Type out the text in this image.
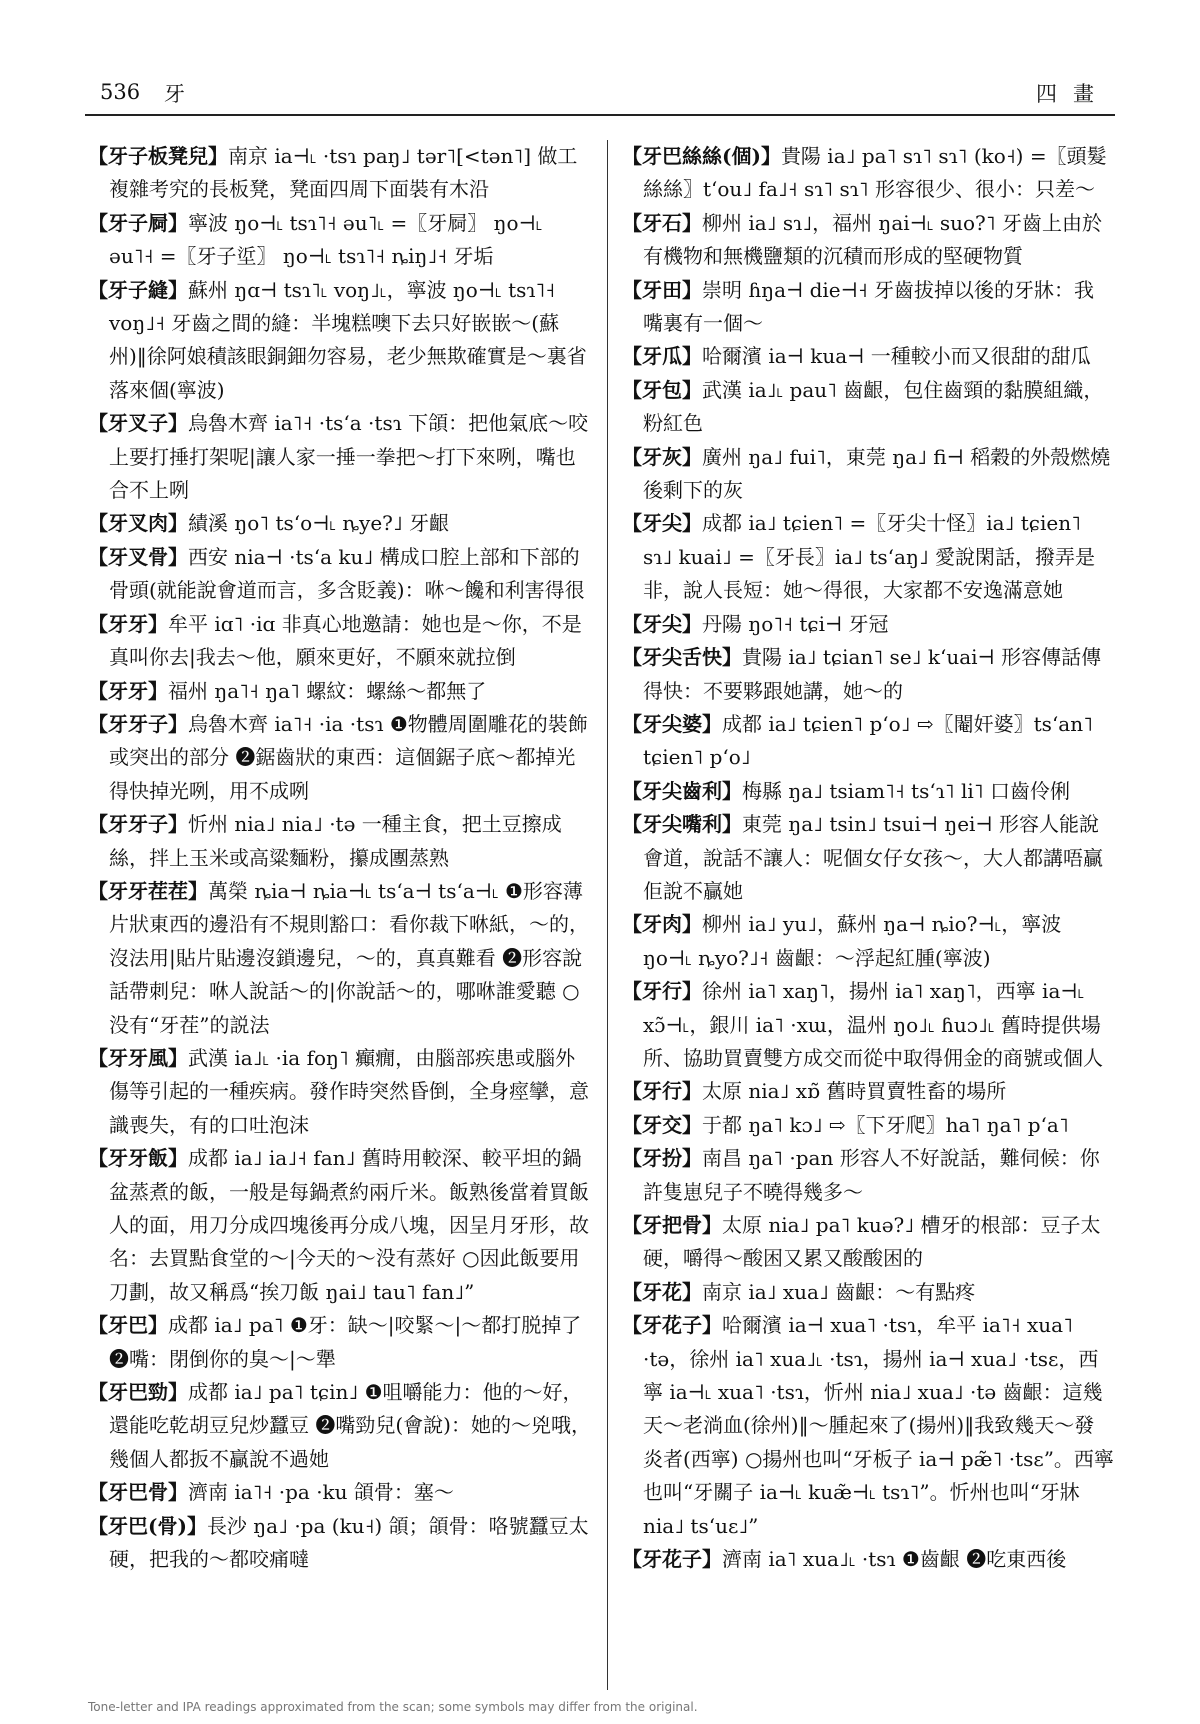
536 牙	四畫

【 牙子板凳兒 】 南京 ia⊣˪ ·tsɿ paŋ˩ tər˥[<tən˥] 做工複雜考究的長板凳，凳面四周下面裝有木沿

【 牙子屙 】 寧波 ŋo⊣˪ tsɿ˥˧ əu˥˪ =〖牙屙〗 ŋo⊣˪ əu˥˧ =〖牙子垽〗 ŋo⊣˪ tsɿ˥˧ ȵiŋ˩˧ 牙垢

【 牙子縫 】 蘇州 ŋɑ⊣ tsɿ˥˪ voŋ˩˪，寧波 ŋo⊣˪ tsɿ˥˧ voŋ˩˧ 牙齒之間的縫：半塊糕噢下去只好嵌嵌～(蘇州)‖徐阿娘積該眼銅鈿勿容易，老少無欺確實是～裏省落來個(寧波)

【 牙叉子 】 烏魯木齊 ia˥˧ ·tsʻa ·tsɿ 下頜：把他氣底～咬上要打捶打架呢|讓人家一捶一拳把～打下來咧，嘴也合不上咧

【 牙叉肉 】 績溪 ŋo˥ tsʻo⊣˪ ȵye?˩ 牙齦

【 牙叉骨 】 西安 nia⊣ ·tsʻa ku˩ 構成口腔上部和下部的骨頭(就能說會道而言，多含貶義)：咻～饞和利害得很

【 牙牙 】 牟平 iɑ˥ ·iɑ 非真心地邀請：她也是～你，不是真叫你去|我去～他，願來更好，不願來就拉倒

【 牙牙 】 福州 ŋa˥˧ ŋa˥ 螺紋：螺絲～都無了

【 牙牙子 】 烏魯木齊 ia˥˧ ·ia ·tsɿ ❶物體周圍雕花的裝飾或突出的部分 ❷鋸齒狀的東西：這個鋸子底～都掉光得快掉光咧，用不成咧

【 牙牙子 】 忻州 nia˩ nia˩ ·tə 一種主食，把土豆擦成絲，拌上玉米或高粱麵粉，攥成團蒸熟

【 牙牙茬茬 】 萬榮 ȵia⊣ ȵia⊣˪ tsʻa⊣ tsʻa⊣˪ ❶形容薄片狀東西的邊沿有不規則豁口：看你裁下咻紙，～的，沒法用|貼片貼邊沒鎖邊兒，～的，真真難看 ❷形容說話帶刺兒：咻人說話～的|你說話～的，哪咻誰愛聽 ○没有“牙茬”的説法

【 牙牙風 】 武漢 ia˩˪ ·ia foŋ˥ 癲癇，由腦部疾患或腦外傷等引起的一種疾病。發作時突然昏倒，全身痙攣，意識喪失，有的口吐泡沫

【 牙牙飯 】 成都 ia˩ ia˩˧ fan˩ 舊時用較深、較平坦的鍋盆蒸煮的飯，一般是每鍋煮約兩斤米。飯熟後當着買飯人的面，用刀分成四塊後再分成八塊，因呈月牙形，故名：去買點食堂的～|今天的～没有蒸好 ○因此飯要用刀劃，故又稱爲“挨刀飯 ŋai˩ tau˥ fan˩”

【 牙巴 】 成都 ia˩ pa˥ ❶牙：缺～|咬緊～|～都打脱掉了 ❷嘴：閉倒你的臭～|～犟

【 牙巴勁 】 成都 ia˩ pa˥ tɕin˩ ❶咀嚼能力：他的～好，還能吃乾胡豆兒炒蠶豆 ❷嘴勁兒(會說)：她的～兇哦，幾個人都扳不贏說不過她

【 牙巴骨 】 濟南 ia˥˧ ·pa ·ku 頜骨：塞～

【 牙巴(骨) 】 長沙 ŋa˩ ·pa (ku˧) 頜；頜骨：咯號蠶豆太硬，把我的～都咬痛噠

【 牙巴絲絲(個) 】 貴陽 ia˩ pa˥ sɿ˥ sɿ˥ (ko˧) =〖頭髮絲絲〗tʻou˩ fa˩˧ sɿ˥ sɿ˥ 形容很少、很小：只差～

【 牙石 】 柳州 ia˩ sɿ˩，福州 ŋai⊣˪ suo?˥ 牙齒上由於有機物和無機鹽類的沉積而形成的堅硬物質

【 牙田 】 崇明 ɦŋa⊣ die⊣˧ 牙齒拔掉以後的牙牀：我嘴裏有一個～

【 牙瓜 】 哈爾濱 ia⊣ kua⊣ 一種較小而又很甜的甜瓜

【 牙包 】 武漢 ia˩˪ pau˥ 齒齦，包住齒頸的黏膜組織，粉紅色

【 牙灰 】 廣州 ŋa˩ fui˥，東莞 ŋa˩ fi⊣ 稻穀的外殼燃燒後剩下的灰

【 牙尖 】 成都 ia˩ tɕien˥ =〖牙尖十怪〗ia˩ tɕien˥ sɿ˩ kuai˩ =〖牙長〗ia˩ tsʻaŋ˩ 愛說閑話，撥弄是非，說人長短：她～得很，大家都不安逸滿意她

【 牙尖 】 丹陽 ŋo˥˧ tɕi⊣ 牙冠

【 牙尖舌快 】 貴陽 ia˩ tɕian˥ se˩ kʻuai⊣ 形容傳話傳得快：不要夥跟她講，她～的

【 牙尖婆 】 成都 ia˩ tɕien˥ pʻo˩ ⇨〖閹奸婆〗tsʻan˥ tɕien˥ pʻo˩

【 牙尖齒利 】 梅縣 ŋa˩ tsiam˥˧ tsʻɿ˥ li˥ 口齒伶俐

【 牙尖嘴利 】 東莞 ŋa˩ tsin˩ tsui⊣ ŋei⊣ 形容人能說會道，說話不讓人：呢個女仔女孩～，大人都講唔贏佢說不贏她

【 牙肉 】 柳州 ia˩ yu˩，蘇州 ŋa⊣ ȵio?⊣˪，寧波 ŋo⊣˪ ȵyo?˩˧ 齒齦：～浮起紅腫(寧波)

【 牙行 】 徐州 ia˥ xaŋ˥，揚州 ia˥ xaŋ˥，西寧 ia⊣˪ xɔ̃⊣˪，銀川 ia˥ ·xɯ，温州 ŋo˩˪ ɦuɔ˩˪ 舊時提供場所、協助買賣雙方成交而從中取得佣金的商號或個人

【 牙行 】 太原 nia˩ xɒ̃ 舊時買賣牲畜的場所

【 牙交 】 于都 ŋa˥ kɔ˩ ⇨〖下牙爬〗ha˥ ŋa˥ pʻa˥

【 牙扮 】 南昌 ŋa˥ ·pan 形容人不好說話，難伺候：你許隻崽兒子不曉得幾多～

【 牙把骨 】 太原 nia˩ pa˥ kuə?˩ 槽牙的根部：豆子太硬，嚼得～酸困又累又酸酸困的

【 牙花 】 南京 ia˩ xua˩ 齒齦：～有點疼

【 牙花子 】 哈爾濱 ia⊣ xua˥ ·tsɿ，牟平 ia˥˧ xua˥ ·tə，徐州 ia˥ xua˩˪ ·tsɿ，揚州 ia⊣ xua˩ ·tsɛ，西寧 ia⊣˪ xua˥ ·tsɿ，忻州 nia˩ xua˩ ·tə 齒齦：這幾天～老淌血(徐州)‖～腫起來了(揚州)‖我致幾天～發炎者(西寧) ○揚州也叫“牙板子 ia⊣ pæ̃˥ ·tsɛ”。西寧也叫“牙關子 ia⊣˪ kuæ̃⊣˪ tsɿ˥”。忻州也叫“牙牀 nia˩ tsʻuɛ˩”

【 牙花子 】 濟南 ia˥ xua˩˪ ·tsɿ ❶齒齦 ❷吃東西後

Tone-letter and IPA readings approximated from the scan; some symbols may differ from the original.
